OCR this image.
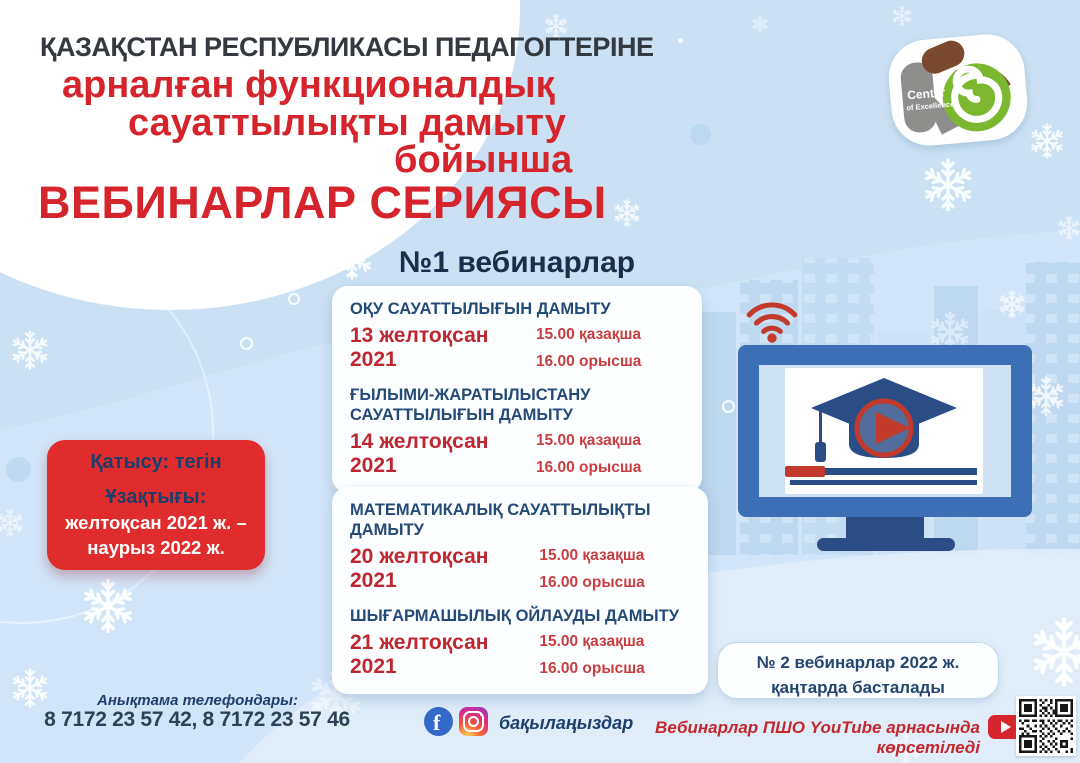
ҚАЗАҚСТАН РЕСПУБЛИКАСЫ ПЕДАГОГТЕРІНЕ
арналған функционалдық
сауаттылықты дамыту
бойынша
ВЕБИНАРЛАР СЕРИЯСЫ
Center
of Excellence
№1 вебинарлар
ОҚУ САУАТТЫЛЫҒЫН ДАМЫТУ
13 желтоқсан 2021
15.00 қазақша
16.00 орысша
ҒЫЛЫМИ-ЖАРАТЫЛЫСТАНУ САУАТТЫЛЫҒЫН ДАМЫТУ
14 желтоқсан 2021
15.00 қазақша
16.00 орысша
МАТЕМАТИКАЛЫҚ САУАТТЫЛЫҚТЫ ДАМЫТУ
20 желтоқсан 2021
15.00 қазақша
16.00 орысша
ШЫҒАРМАШЫЛЫҚ ОЙЛАУДЫ ДАМЫТУ
21 желтоқсан 2021
15.00 қазақша
16.00 орысша
Қатысу: тегін
Ұзақтығы:
желтоқсан 2021 ж. –
наурыз 2022 ж.
№ 2 вебинарлар 2022 ж.
қаңтарда басталады
Анықтама телефондары:
8 7172 23 57 42, 8 7172 23 57 46	f	бақылаңыздар	Вебинарлар ПШО YouTube арнасында көрсетіледі
